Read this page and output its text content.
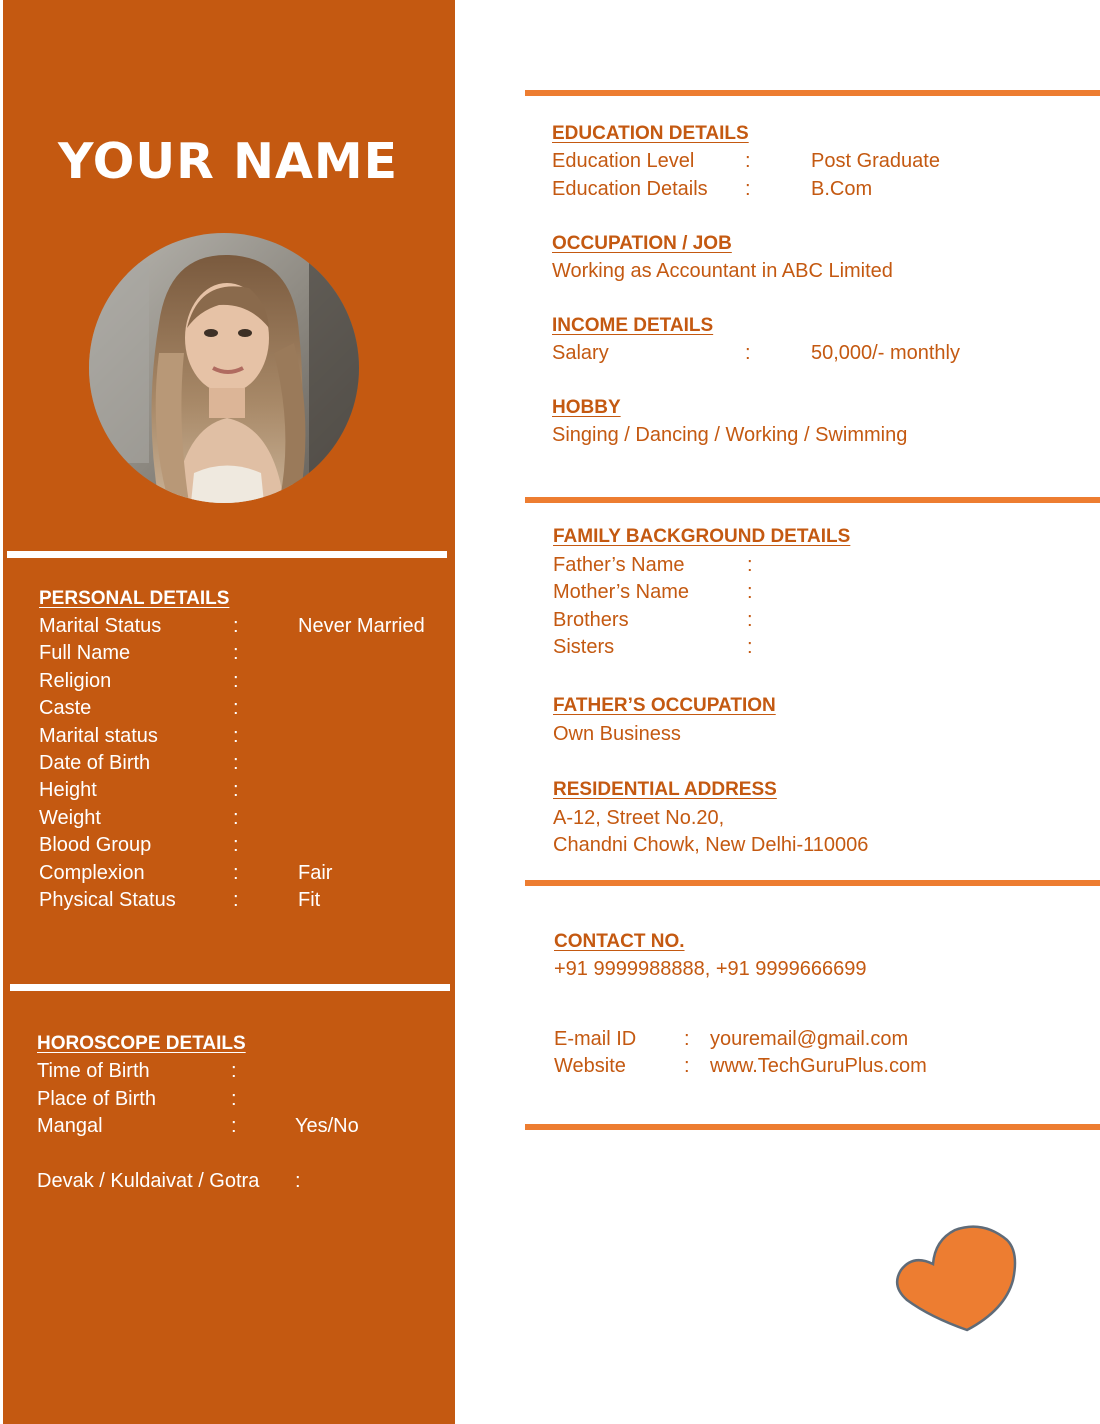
YOUR NAME
PERSONAL DETAILS
Marital Status	:	Never Married
Full Name	:
Religion	:
Caste	:
Marital status	:
Date of Birth	:
Height	:
Weight	:
Blood Group	:
Complexion	:	Fair
Physical Status	:	Fit
HOROSCOPE DETAILS
Time of Birth	:
Place of Birth	:
Mangal	:	Yes/No
Devak / Kuldaivat / Gotra :
EDUCATION DETAILS
Education Level	:	Post Graduate
Education Details :	B.Com
OCCUPATION / JOB
Working as Accountant in ABC Limited
INCOME DETAILS
Salary	:	50,000/- monthly
HOBBY
Singing / Dancing / Working / Swimming
FAMILY BACKGROUND DETAILS
Father’s Name	:
Mother’s Name	:
Brothers	:
Sisters	:
FATHER’S OCCUPATION
Own Business
RESIDENTIAL ADDRESS
A-12, Street No.20,
Chandni Chowk, New Delhi-110006
CONTACT NO.
+91 9999988888, +91 9999666699
E-mail ID : youremail@gmail.com
Website	: www.TechGuruPlus.com
